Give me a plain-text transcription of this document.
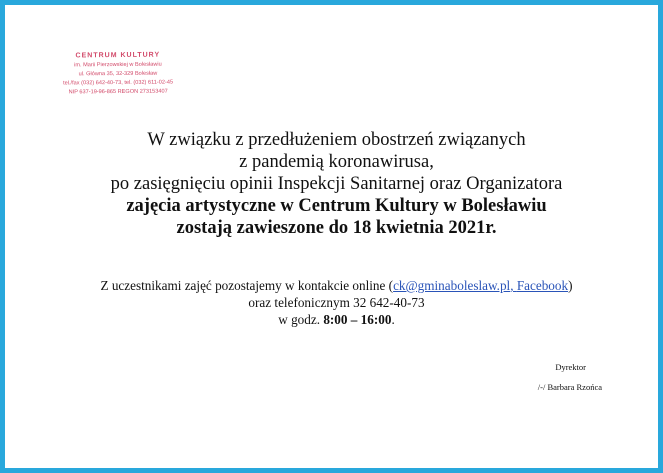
CENTRUM KULTURY
im. Marii Pierzowskiej w Bolesławiu
ul. Główna 35, 32-329 Bolesław
tel./fax (032) 642-40-73, tel. (032) 611-02-45
NIP 637-19-96-865 REGON 273153407
W związku z przedłużeniem obostrzeń związanych
z pandemią koronawirusa,
po zasięgnięciu opinii Inspekcji Sanitarnej oraz Organizatora
zajęcia artystyczne w Centrum Kultury w Bolesławiu
zostają zawieszone do 18 kwietnia 2021r.
Z uczestnikami zajęć pozostajemy w kontakcie online (ck@gminaboleslaw.pl, Facebook)
oraz telefonicznym 32 642-40-73
w godz. 8:00 – 16:00.
Dyrektor
/-/ Barbara Rzońca
